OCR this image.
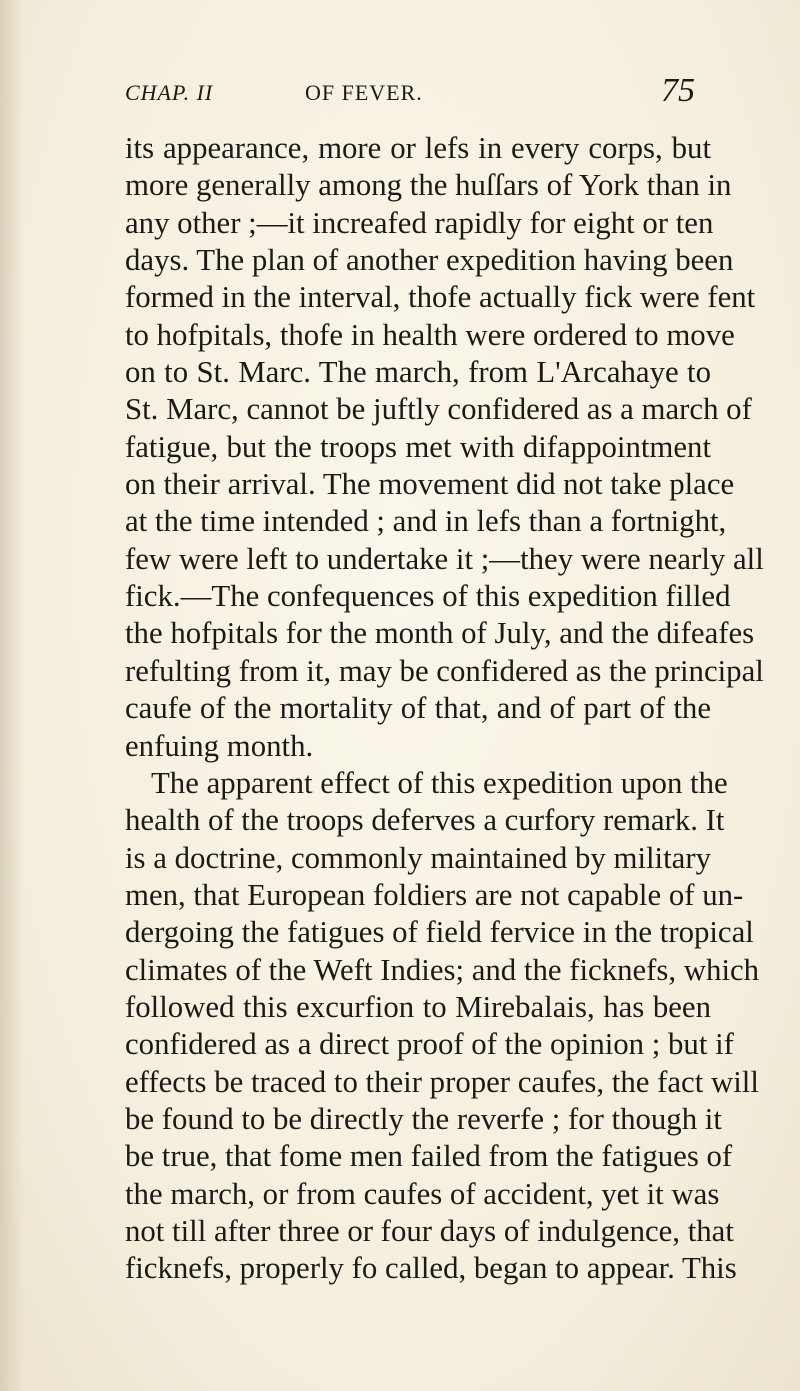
CHAP. II	OF FEVER.	75
its appearance, more or lefs in every corps, but
more generally among the huſſars of York than in
any other ;—it increafed rapidly for eight or ten
days. The plan of another expedition having been
formed in the interval, thofe actually fick were fent
to hofpitals, thofe in health were ordered to move
on to St. Marc. The march, from L'Arcahaye to
St. Marc, cannot be juftly confidered as a march of
fatigue, but the troops met with difappointment
on their arrival. The movement did not take place
at the time intended ; and in lefs than a fortnight,
few were left to undertake it ;—they were nearly all
fick.—The confequences of this expedition filled
the hofpitals for the month of July, and the difeafes
refulting from it, may be confidered as the principal
caufe of the mortality of that, and of part of the
enfuing month.
The apparent effect of this expedition upon the
health of the troops deferves a curfory remark. It
is a doctrine, commonly maintained by military
men, that European foldiers are not capable of un-
dergoing the fatigues of field fervice in the tropical
climates of the Weft Indies; and the ficknefs, which
followed this excurfion to Mirebalais, has been
confidered as a direct proof of the opinion ; but if
effects be traced to their proper caufes, the fact will
be found to be directly the reverfe ; for though it
be true, that fome men failed from the fatigues of
the march, or from caufes of accident, yet it was
not till after three or four days of indulgence, that
ficknefs, properly fo called, began to appear. This
